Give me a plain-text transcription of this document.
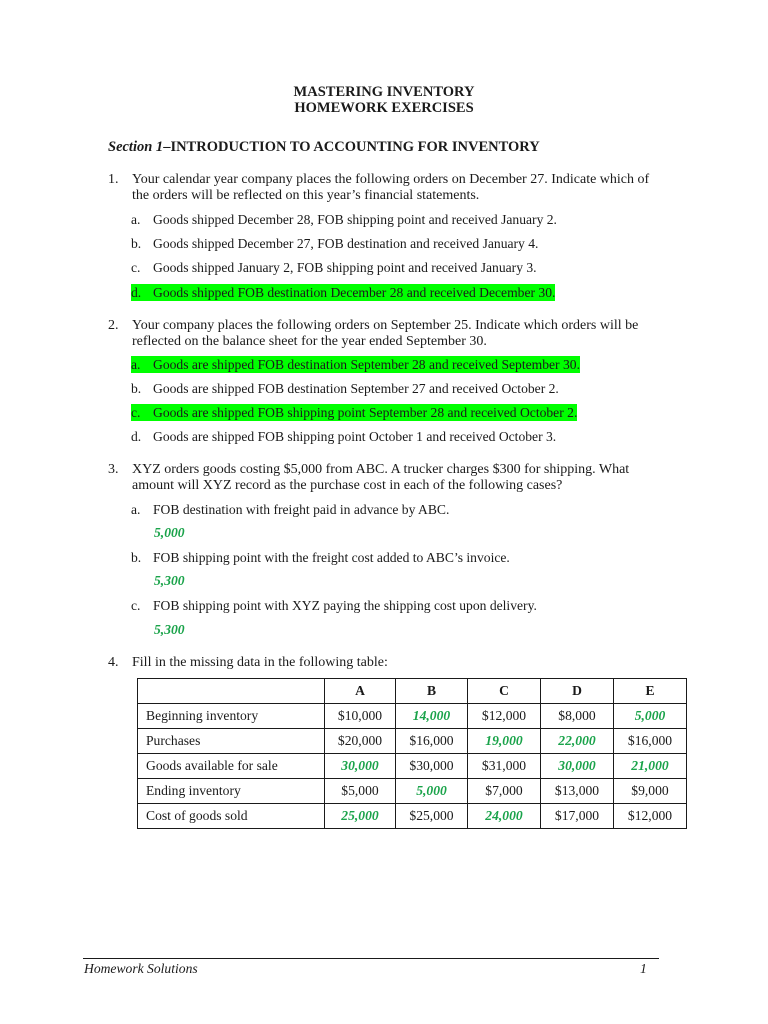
MASTERING INVENTORY
HOMEWORK EXERCISES
Section 1–INTRODUCTION TO ACCOUNTING FOR INVENTORY
1. Your calendar year company places the following orders on December 27. Indicate which of the orders will be reflected on this year’s financial statements.
a. Goods shipped December 28, FOB shipping point and received January 2.
b. Goods shipped December 27, FOB destination and received January 4.
c. Goods shipped January 2, FOB shipping point and received January 3.
d. Goods shipped FOB destination December 28 and received December 30.
2. Your company places the following orders on September 25. Indicate which orders will be reflected on the balance sheet for the year ended September 30.
a. Goods are shipped FOB destination September 28 and received September 30.
b. Goods are shipped FOB destination September 27 and received October 2.
c. Goods are shipped FOB shipping point September 28 and received October 2.
d. Goods are shipped FOB shipping point October 1 and received October 3.
3. XYZ orders goods costing $5,000 from ABC. A trucker charges $300 for shipping. What amount will XYZ record as the purchase cost in each of the following cases?
a. FOB destination with freight paid in advance by ABC.
5,000
b. FOB shipping point with the freight cost added to ABC’s invoice.
5,300
c. FOB shipping point with XYZ paying the shipping cost upon delivery.
5,300
4. Fill in the missing data in the following table:
	A	B	C	D	E
Beginning inventory	$10,000	14,000	$12,000	$8,000	5,000
Purchases	$20,000	$16,000	19,000	22,000	$16,000
Goods available for sale	30,000	$30,000	$31,000	30,000	21,000
Ending inventory	$5,000	5,000	$7,000	$13,000	$9,000
Cost of goods sold	25,000	$25,000	24,000	$17,000	$12,000
Homework Solutions	1
